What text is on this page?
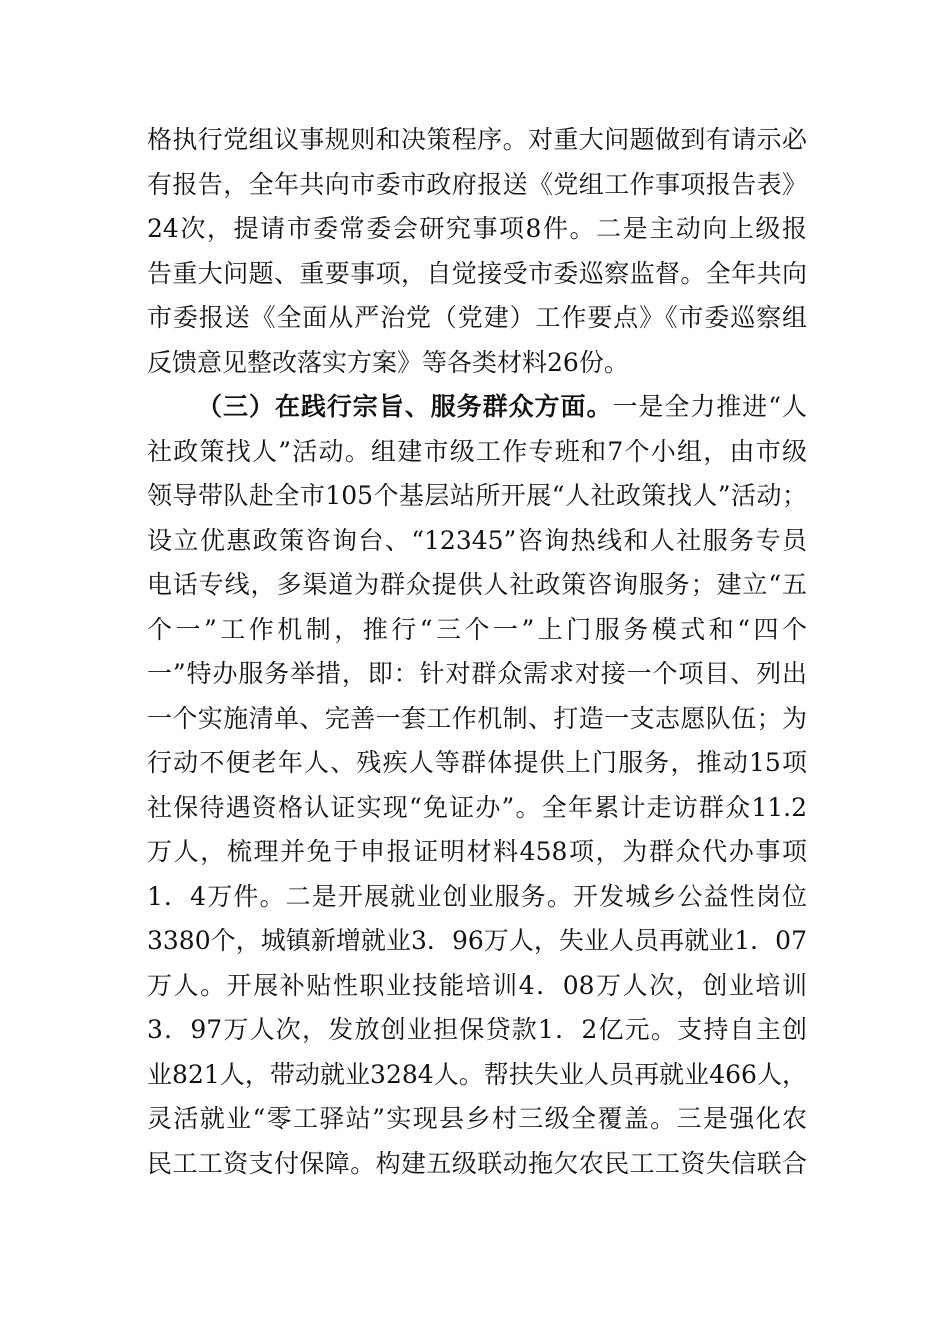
格执行党组议事规则和决策程序。对重大问题做到有请示必
有报告，全年共向市委市政府报送《党组工作事项报告表》
24次，提请市委常委会研究事项8件。二是主动向上级报
告重大问题、重要事项，自觉接受市委巡察监督。全年共向
市委报送《全面从严治党（党建）工作要点》《市委巡察组
反馈意见整改落实方案》等各类材料26份。
（三）在践行宗旨、服务群众方面。一是全力推进“人
社政策找人”活动。组建市级工作专班和7个小组，由市级
领导带队赴全市105个基层站所开展“人社政策找人”活动；
设立优惠政策咨询台、“12345”咨询热线和人社服务专员
电话专线，多渠道为群众提供人社政策咨询服务；建立“五
个一”工作机制，推行“三个一”上门服务模式和“四个
一”特办服务举措，即：针对群众需求对接一个项目、列出
一个实施清单、完善一套工作机制、打造一支志愿队伍；为
行动不便老年人、残疾人等群体提供上门服务，推动15项
社保待遇资格认证实现“免证办”。全年累计走访群众11.2
万人，梳理并免于申报证明材料458项，为群众代办事项
1．4万件。二是开展就业创业服务。开发城乡公益性岗位
3380个，城镇新增就业3．96万人，失业人员再就业1．07
万人。开展补贴性职业技能培训4．08万人次，创业培训
3．97万人次，发放创业担保贷款1．2亿元。支持自主创
业821人，带动就业3284人。帮扶失业人员再就业466人，
灵活就业“零工驿站”实现县乡村三级全覆盖。三是强化农
民工工资支付保障。构建五级联动拖欠农民工工资失信联合
